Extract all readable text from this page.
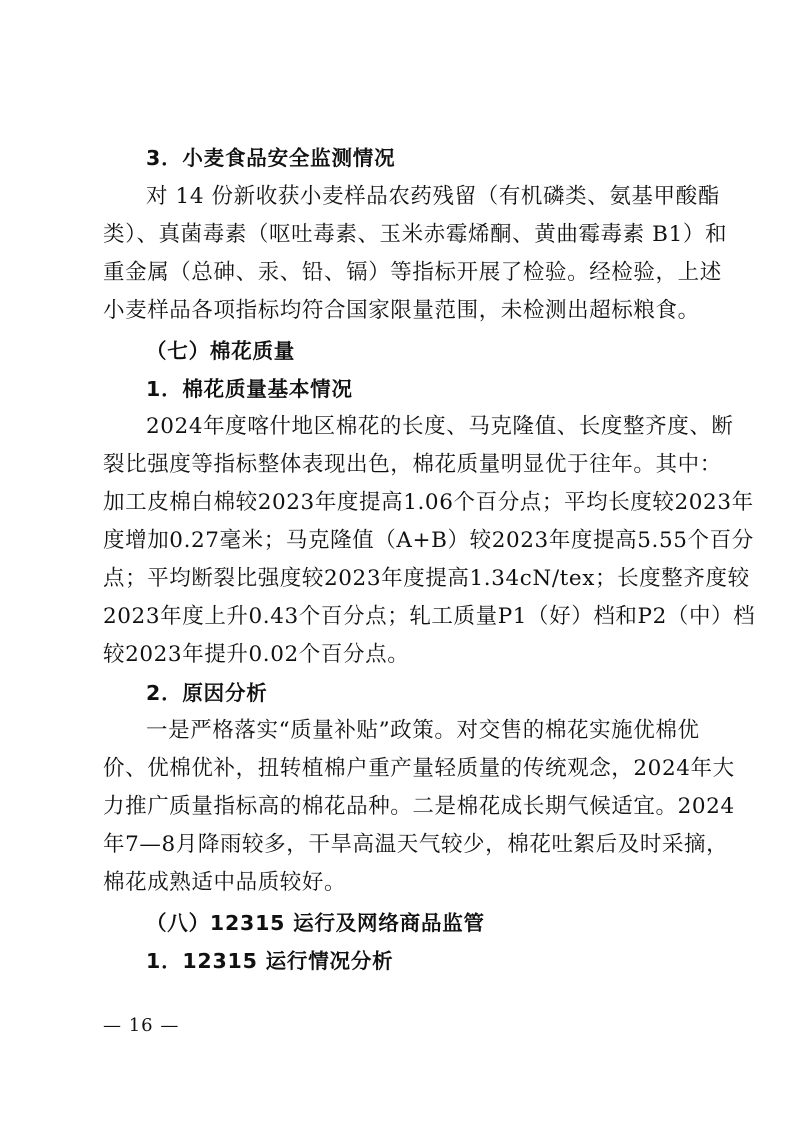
3．小麦食品安全监测情况
对 14 份新收获小麦样品农药残留（有机磷类、氨基甲酸酯
类）、真菌毒素（呕吐毒素、玉米赤霉烯酮、黄曲霉毒素 B1）和
重金属（总砷、汞、铅、镉）等指标开展了检验。经检验，上述
小麦样品各项指标均符合国家限量范围，未检测出超标粮食。
（七）棉花质量
1．棉花质量基本情况
2024年度喀什地区棉花的长度、马克隆值、长度整齐度、断
裂比强度等指标整体表现出色，棉花质量明显优于往年。其中：
加工皮棉白棉较2023年度提高1.06个百分点；平均长度较2023年
度增加0.27毫米；马克隆值（A+B）较2023年度提高5.55个百分
点；平均断裂比强度较2023年度提高1.34cN/tex；长度整齐度较
2023年度上升0.43个百分点；轧工质量P1（好）档和P2（中）档
较2023年提升0.02个百分点。
2．原因分析
一是严格落实“质量补贴”政策。对交售的棉花实施优棉优
价、优棉优补，扭转植棉户重产量轻质量的传统观念，2024年大
力推广质量指标高的棉花品种。二是棉花成长期气候适宜。2024
年7—8月降雨较多，干旱高温天气较少，棉花吐絮后及时采摘，
棉花成熟适中品质较好。
（八）12315 运行及网络商品监管
1．12315 运行情况分析
— 16 —
